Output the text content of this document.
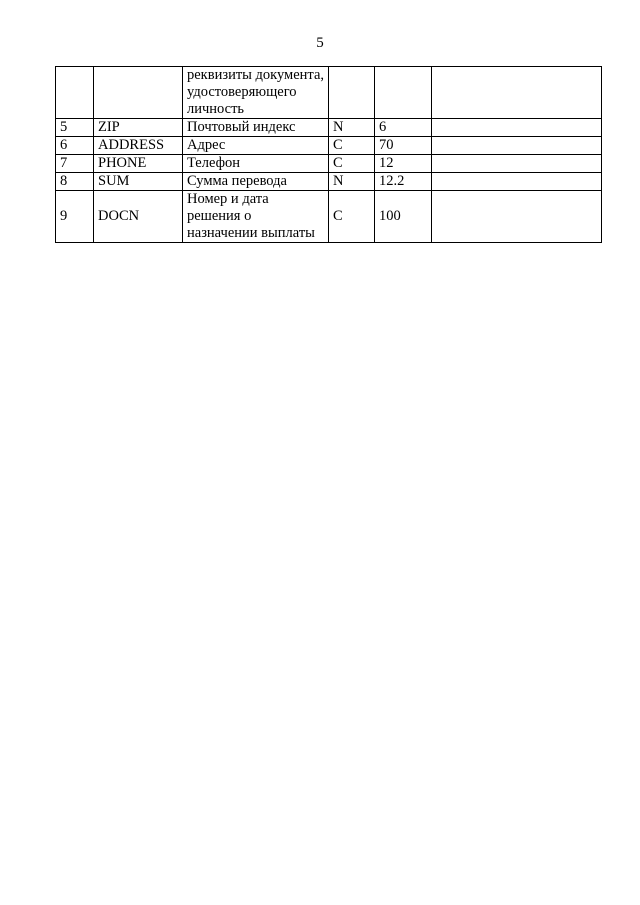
5
		реквизиты документа, удостоверяющего личность			
5	ZIP	Почтовый индекс	N	6	
6	ADDRESS	Адрес	C	70	
7	PHONE	Телефон	C	12	
8	SUM	Сумма перевода	N	12.2	
9	DOCN	Номер и дата решения о назначении выплаты	C	100	
